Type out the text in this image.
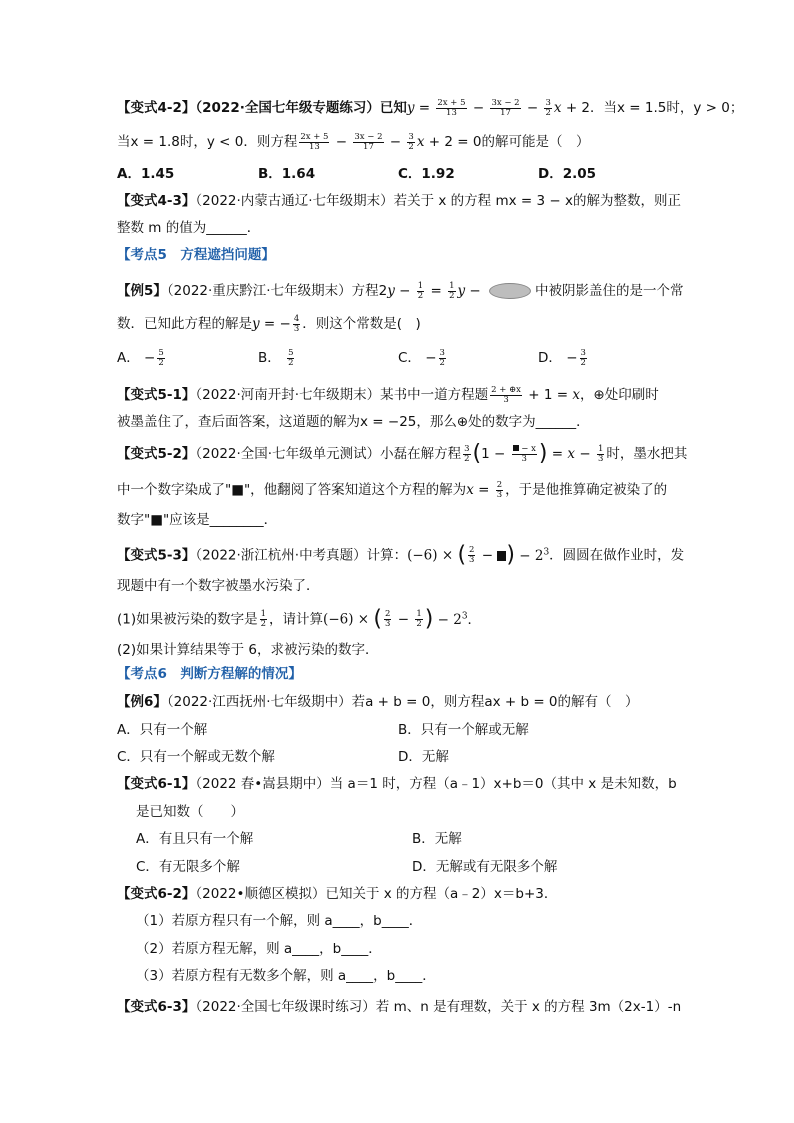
【变式4-2】（2022·全国七年级专题练习）已知$y = \frac{2x + 5}{13} - \frac{3x - 2}{17} - \frac{3}{2}$ x + 2．当x = 1.5时，y > 0；
当x = 1.8时，y < 0．则方程 $\frac{2x + 5}{13} - \frac{3x - 2}{17} - \frac{3}{2}$ x + 2 = 0的解可能是（　）
A．1.45	B．1.64	C．1.92	D．2.05
【变式4-3】（2022·内蒙古通辽·七年级期末）若关于 x 的方程 mx = 3 − x的解为整数，则正
整数 m 的值为______．
【考点5　方程遮挡问题】
【例5】（2022·重庆黔江·七年级期末）方程$2y - \frac{1}{2} = \frac{1}{2}$ y −	中被阴影盖住的是一个常
数．已知此方程的解是y = − $\frac{4}{3}$ ．则这个常数是(　)
A． − $\frac{5}{2}$	B． $\frac{5}{2}$	C． − $\frac{3}{2}$	D． − $\frac{3}{2}$
【变式5-1】（2022·河南开封·七年级期末）某书中一道方程题 $\frac{2 + \oplus x}{3} + 1 = x$，⊕处印刷时
被墨盖住了，查后面答案，这道题的解为x = −25，那么⊕处的数字为______．
【变式5-2】（2022·全国·七年级单元测试）小磊在解方程 $\frac{3}{2} (1 - \frac{- x}{3}$ ) = $x - \frac{1}{3}$ 时，墨水把其
中一个数字染成了"■"，他翻阅了答案知道这个方程的解为$x = \frac{2}{3}$ ，于是他推算确定被染了的
数字"■"应该是________．
【变式5-3】（2022·浙江杭州·中考真题）计算：(−6) × ( $\frac{2}{3}$ − ) − $2^3$．圆圆在做作业时，发
现题中有一个数字被墨水污染了．
(1)如果被污染的数字是 $\frac{1}{2}$ ，请计算(−6) × ( $\frac{2}{3} - \frac{1}{2}$ ) − $2^3$．
(2)如果计算结果等于 6，求被污染的数字．
【考点6　判断方程解的情况】
【例6】（2022·江西抚州·七年级期中）若a + b = 0，则方程ax + b = 0的解有（　）
A．只有一个解	B．只有一个解或无解
C．只有一个解或无数个解	D．无解
【变式6-1】（2022 春•嵩县期中）当 a＝1 时，方程（a﹣1）x+b＝0（其中 x 是未知数，b
是已知数（　　）
A．有且只有一个解	B．无解
C．有无限多个解	D．无解或有无限多个解
【变式6-2】（2022•顺德区模拟）已知关于 x 的方程（a﹣2）x＝b+3．
（1）若原方程只有一个解，则 a____，b____．
（2）若原方程无解，则 a____，b____．
（3）若原方程有无数多个解，则 a____，b____．
【变式6-3】（2022·全国七年级课时练习）若 m、n 是有理数，关于 x 的方程 3m（2x-1）-n
